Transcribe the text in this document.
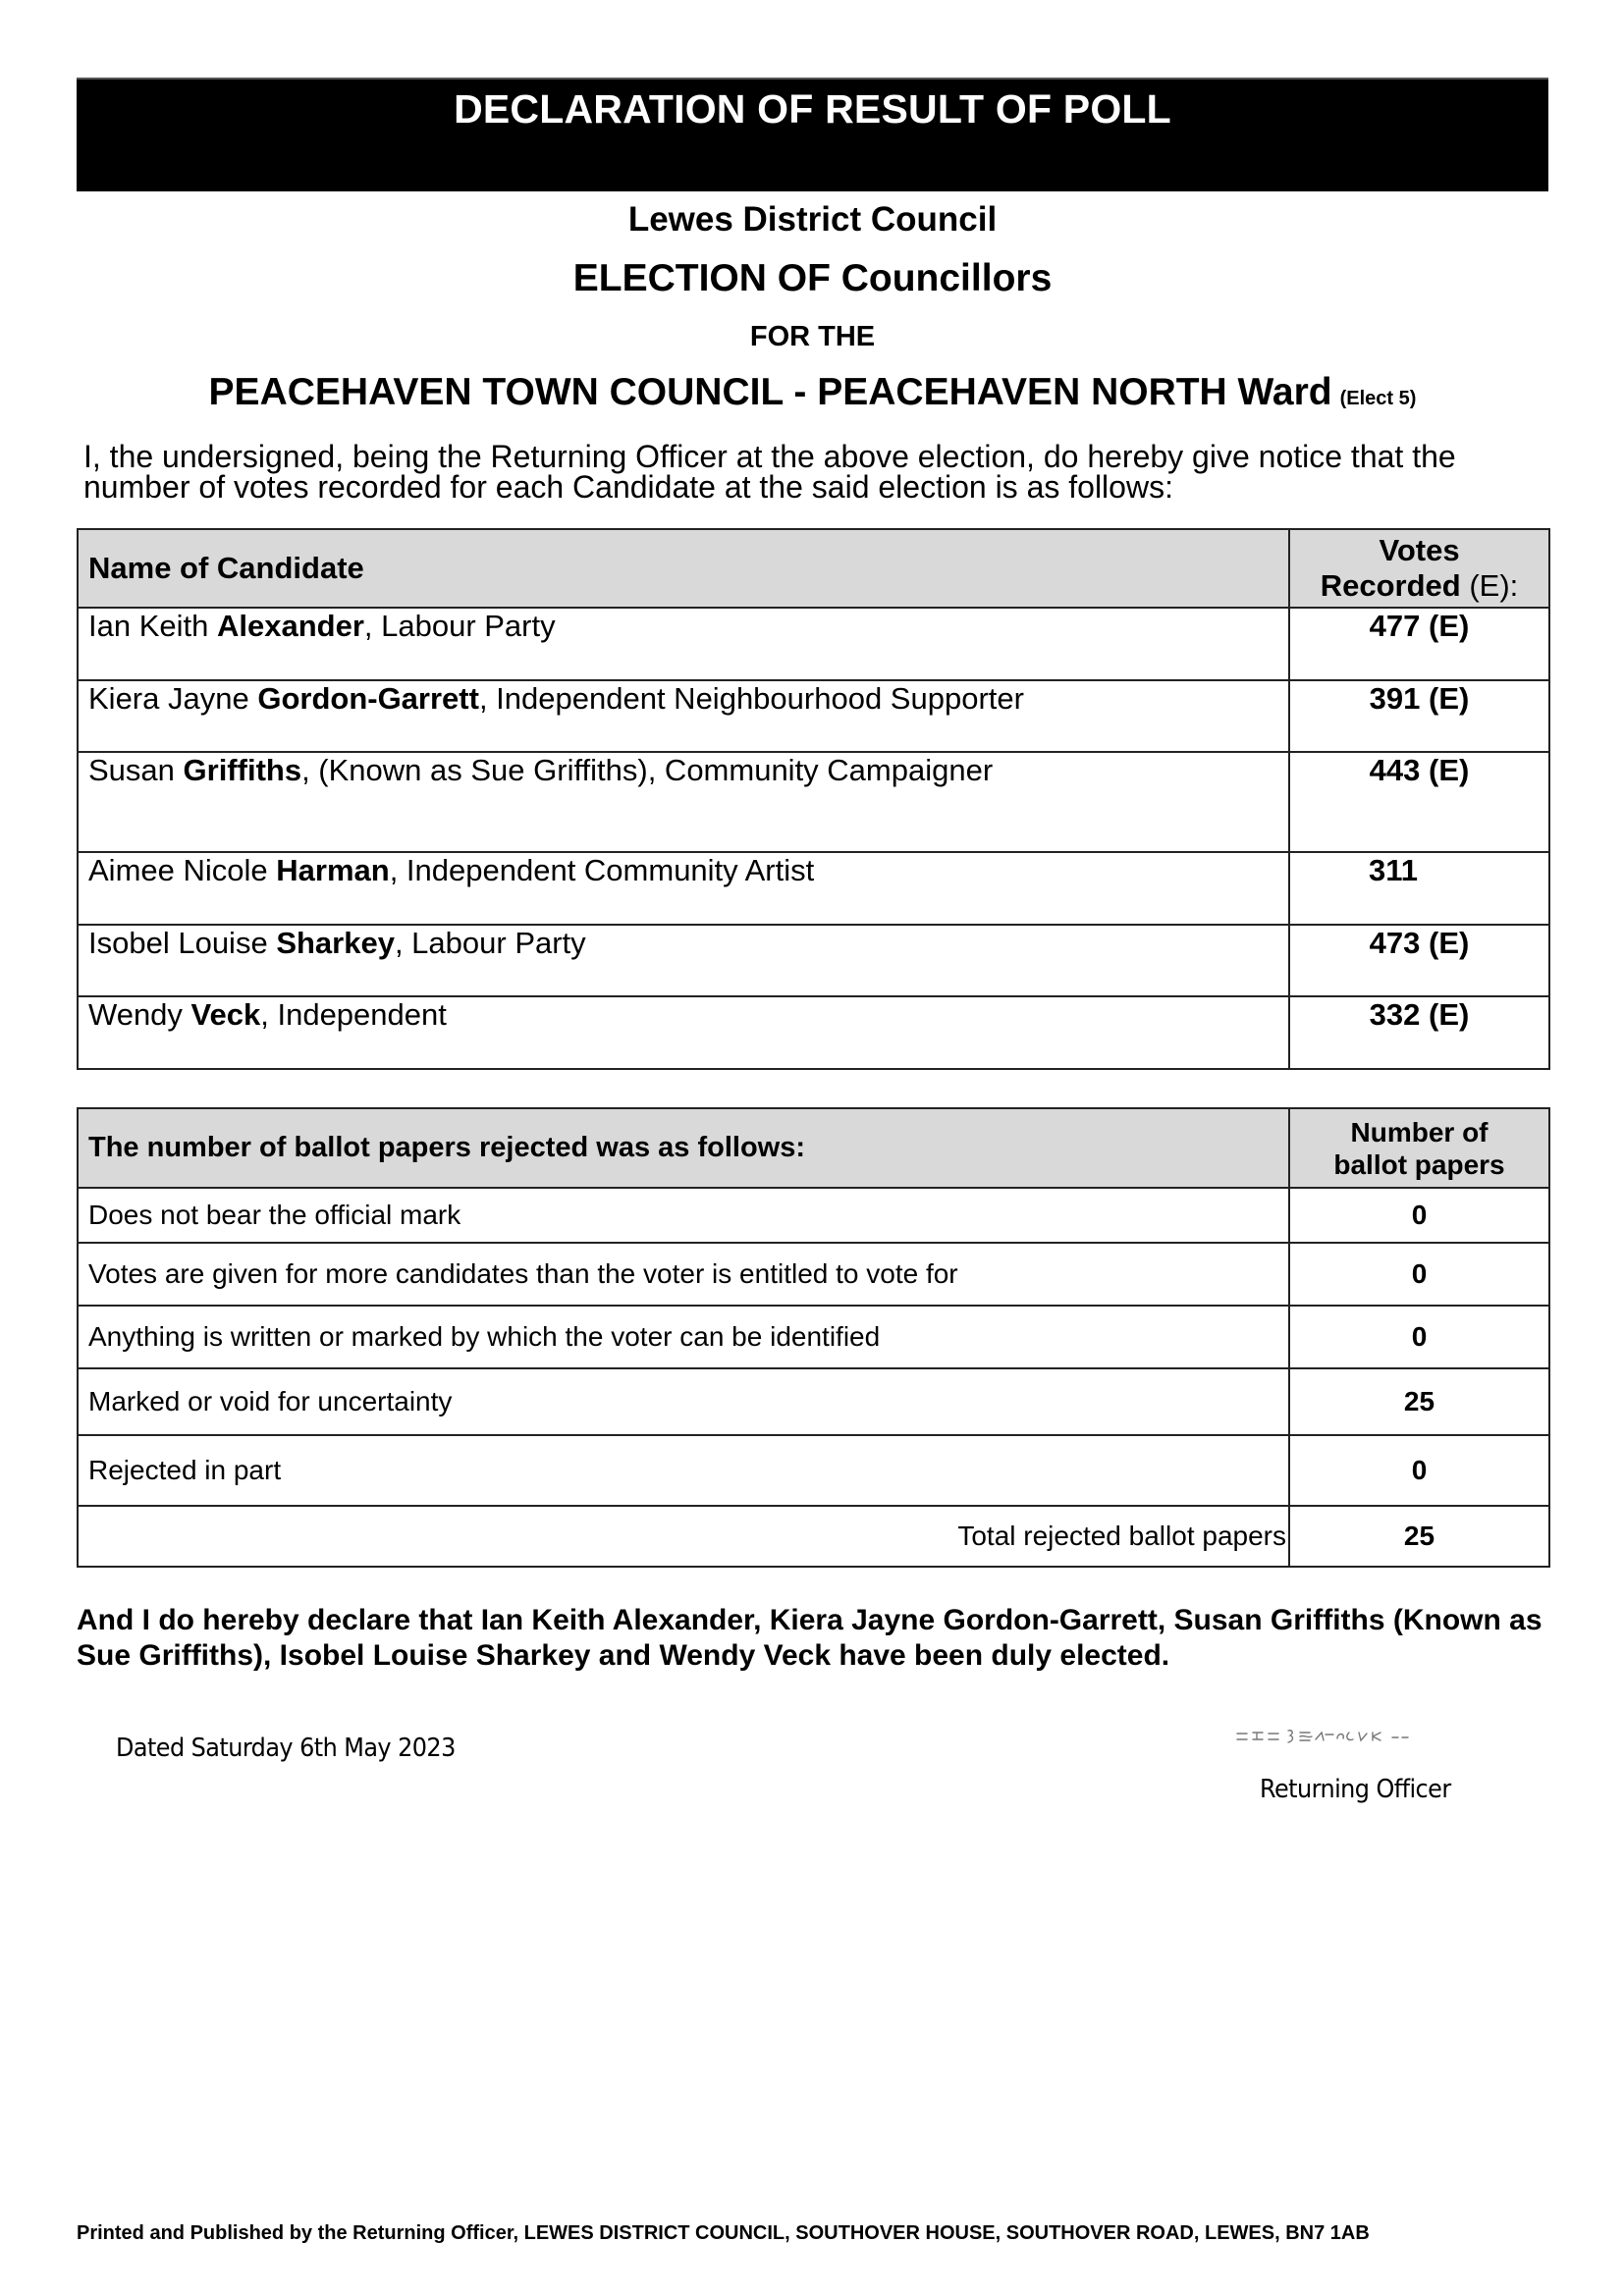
DECLARATION OF RESULT OF POLL
Lewes District Council
ELECTION OF Councillors
FOR THE
PEACEHAVEN TOWN COUNCIL - PEACEHAVEN NORTH Ward (Elect 5)
I, the undersigned, being the Returning Officer at the above election, do hereby give notice that the number of votes recorded for each Candidate at the said election is as follows:
Name of Candidate	Votes
Recorded (E):
Ian Keith Alexander, Labour Party	477 (E)
Kiera Jayne Gordon-Garrett, Independent Neighbourhood Supporter	391 (E)
Susan Griffiths, (Known as Sue Griffiths), Community Campaigner	443 (E)
Aimee Nicole Harman, Independent Community Artist	311
Isobel Louise Sharkey, Labour Party	473 (E)
Wendy Veck, Independent	332 (E)
The number of ballot papers rejected was as follows:	Number of
ballot papers
Does not bear the official mark	0
Votes are given for more candidates than the voter is entitled to vote for	0
Anything is written or marked by which the voter can be identified	0
Marked or void for uncertainty	25
Rejected in part	0
Total rejected ballot papers	25
And I do hereby declare that Ian Keith Alexander, Kiera Jayne Gordon-Garrett, Susan Griffiths (Known as Sue Griffiths), Isobel Louise Sharkey and Wendy Veck have been duly elected.
Dated Saturday 6th May 2023
Returning Officer
Printed and Published by the Returning Officer, LEWES DISTRICT COUNCIL, SOUTHOVER HOUSE, SOUTHOVER ROAD, LEWES, BN7 1AB
